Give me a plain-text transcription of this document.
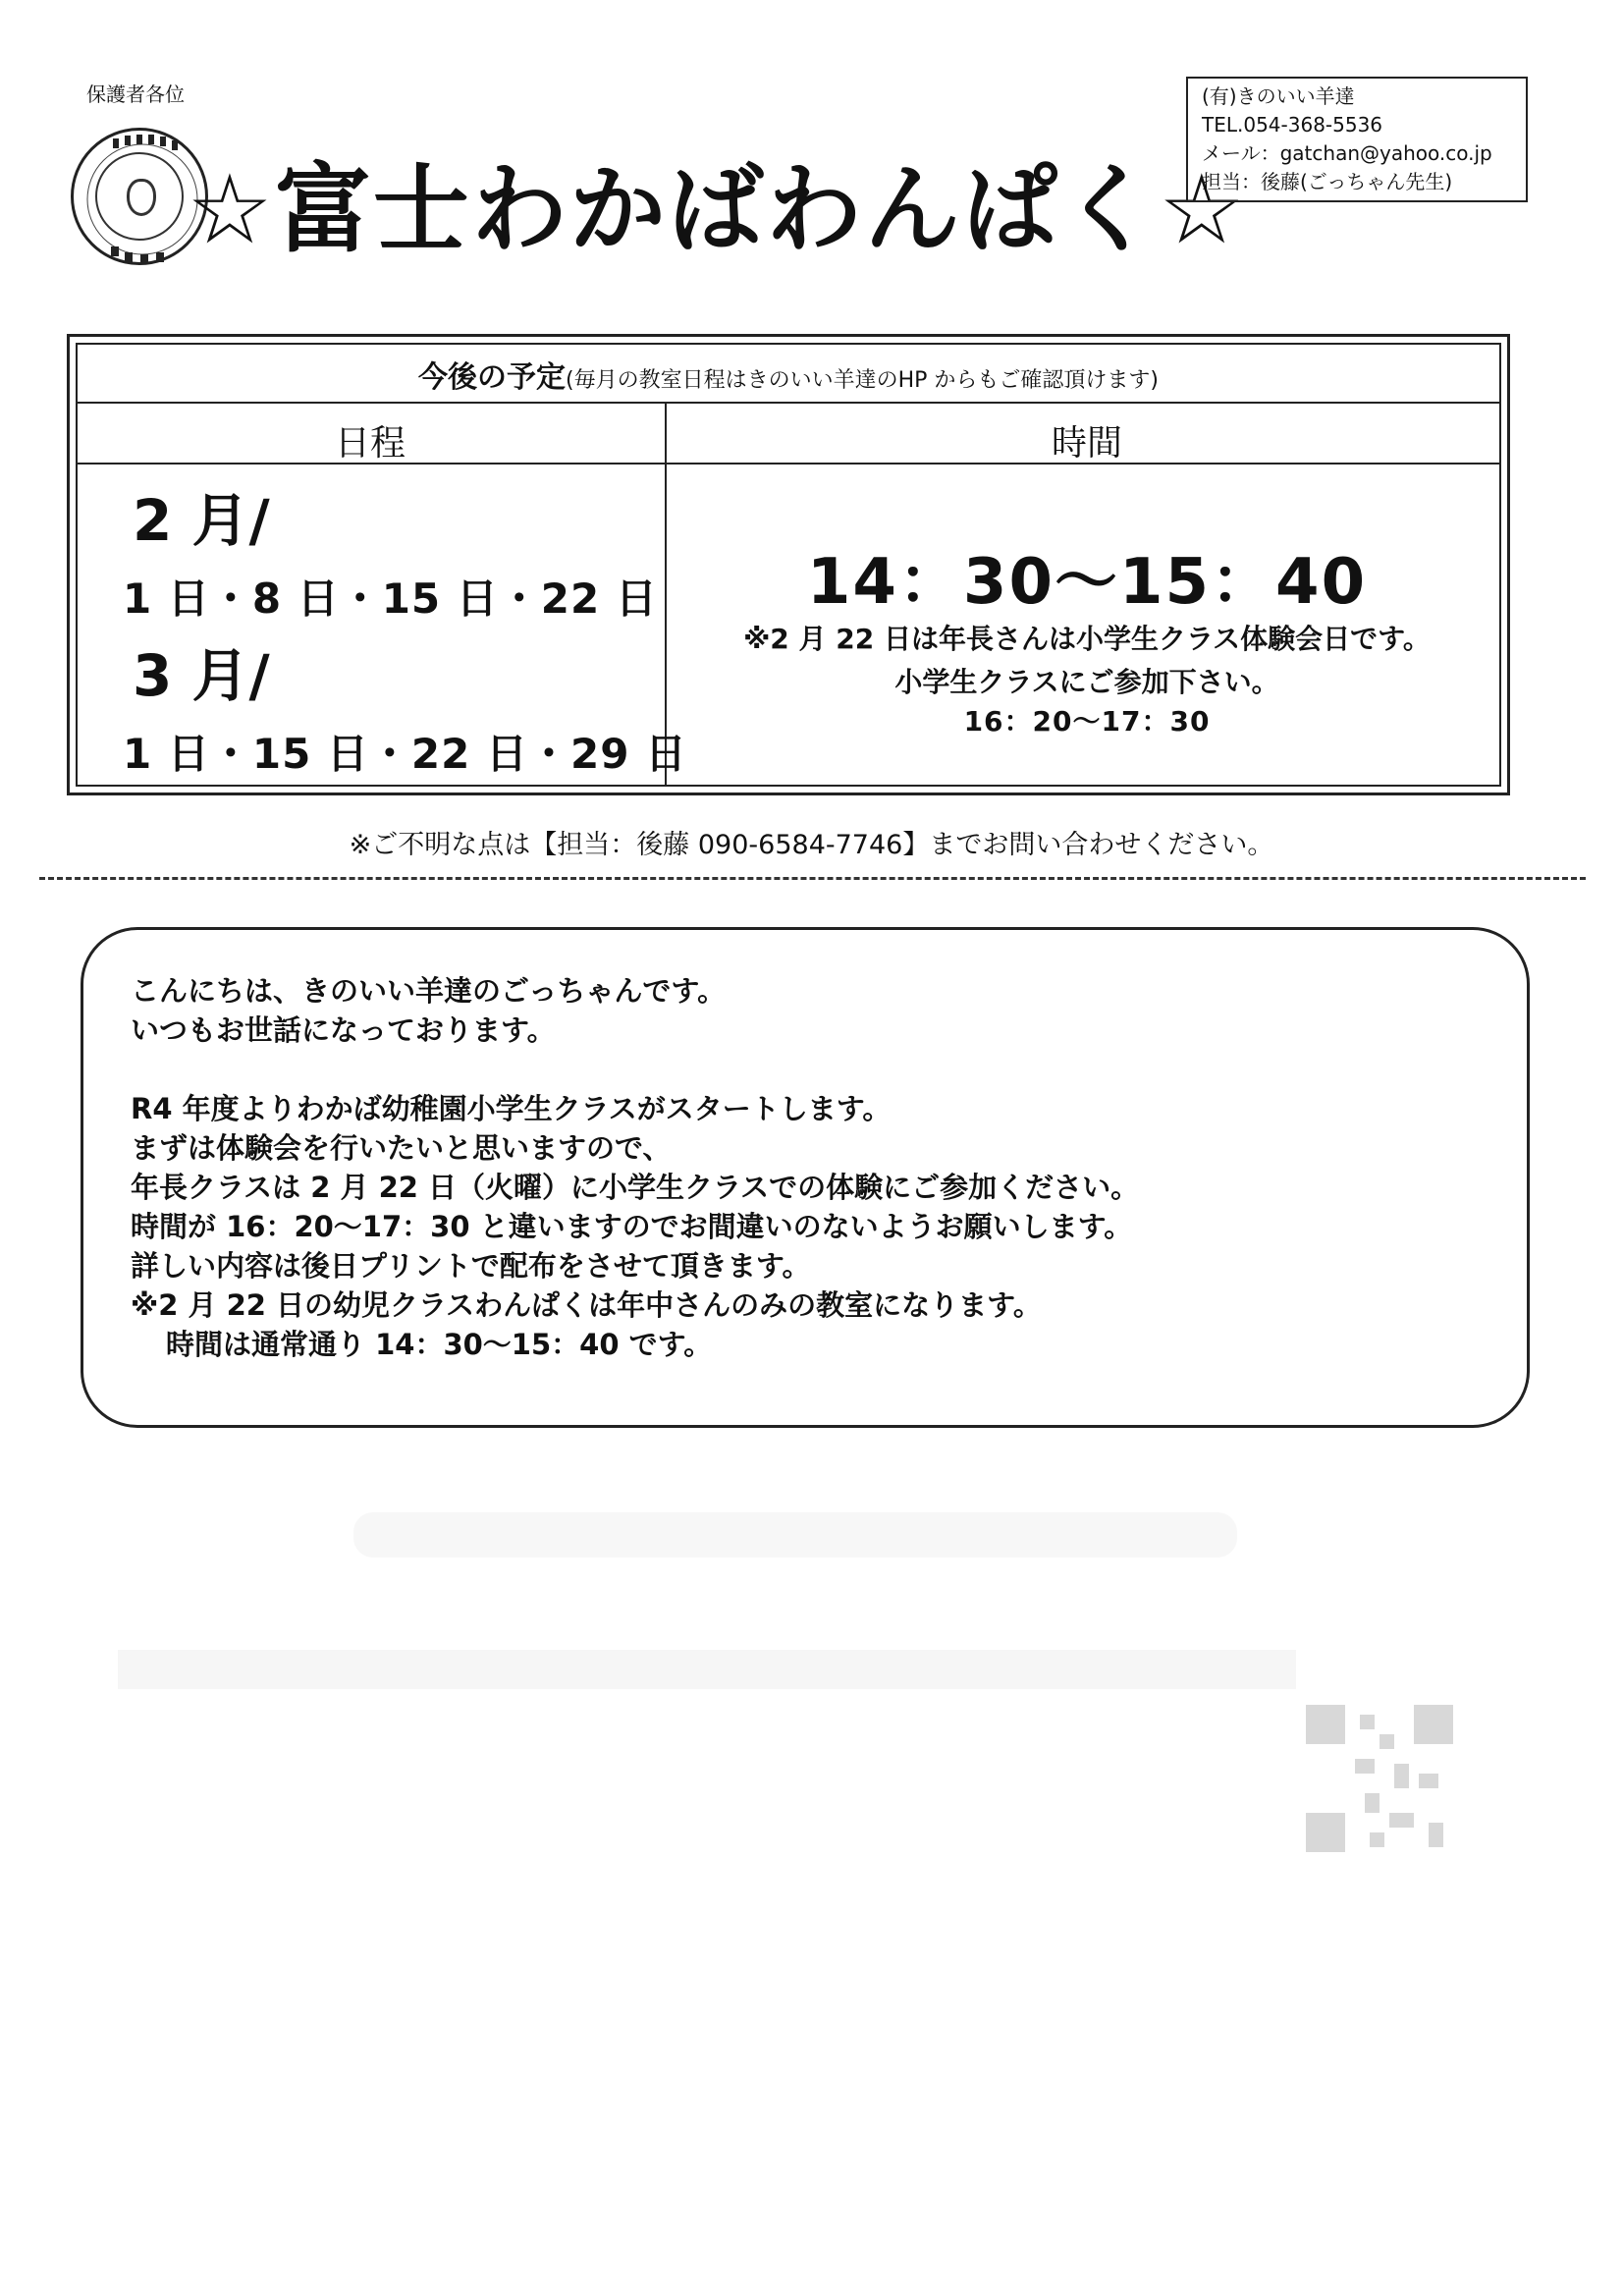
保護者各位
☆富士わかばわんぱく☆
(有)きのいい羊達
TEL.054-368-5536
メール：gatchan@yahoo.co.jp
担当：後藤(ごっちゃん先生)
今後の予定(毎月の教室日程はきのいい羊達のHP からもご確認頂けます)
日程	時間
2 月/
1 日・8 日・15 日・22 日
3 月/
1 日・15 日・22 日・29 日
14：30～15：40
※2 月 22 日は年長さんは小学生クラス体験会日です。
小学生クラスにご参加下さい。
16：20～17：30
※ご不明な点は【担当：後藤 090-6584-7746】までお問い合わせください。
こんにちは、きのいい羊達のごっちゃんです。
いつもお世話になっております。
R4 年度よりわかば幼稚園小学生クラスがスタートします。
まずは体験会を行いたいと思いますので、
年長クラスは 2 月 22 日（火曜）に小学生クラスでの体験にご参加ください。
時間が 16：20～17：30 と違いますのでお間違いのないようお願いします。
詳しい内容は後日プリントで配布をさせて頂きます。
※2 月 22 日の幼児クラスわんぱくは年中さんのみの教室になります。
時間は通常通り 14：30～15：40 です。
